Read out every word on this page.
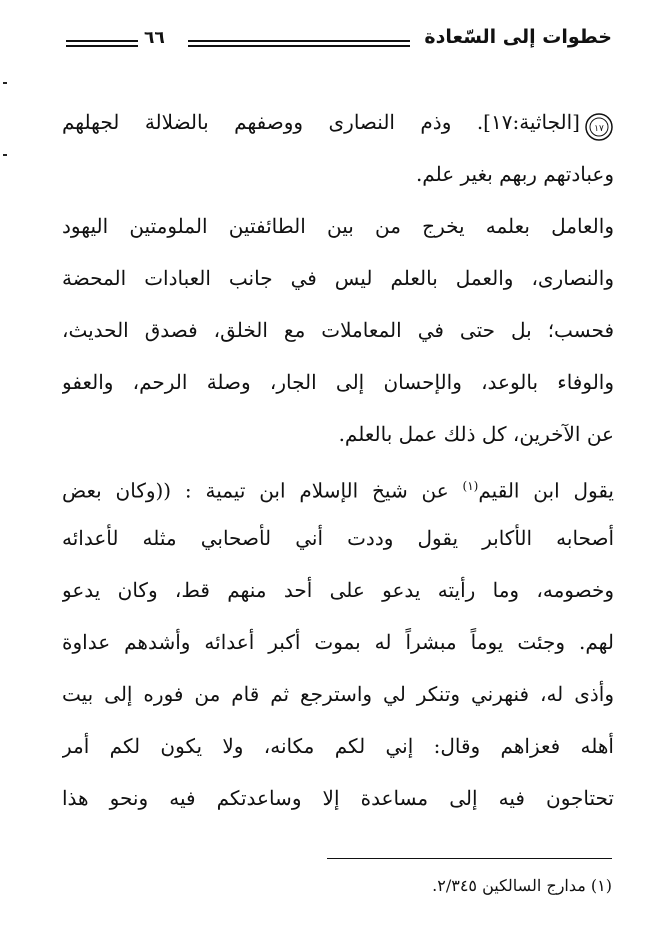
خطوات إلى السّعادة
٦٦
١٧
[الجاثية:١٧]. وذم النصارى ووصفهم بالضلالة لجهلهم
وعبادتهم ربهم بغير علم.
والعامل بعلمه يخرج من بين الطائفتين الملومتين اليهود
والنصارى، والعمل بالعلم ليس في جانب العبادات المحضة
فحسب؛ بل حتى في المعاملات مع الخلق، فصدق الحديث،
والوفاء بالوعد، والإحسان إلى الجار، وصلة الرحم، والعفو
عن الآخرين، كل ذلك عمل بالعلم.
يقول ابن القيم$^{(١)}$ عن شيخ الإسلام ابن تيمية : ((وكان بعض
أصحابه الأكابر يقول وددت أني لأصحابي مثله لأعدائه
وخصومه، وما رأيته يدعو على أحد منهم قط، وكان يدعو
لهم. وجئت يوماً مبشراً له بموت أكبر أعدائه وأشدهم عداوة
وأذى له، فنهرني وتنكر لي واسترجع ثم قام من فوره إلى بيت
أهله فعزاهم وقال: إني لكم مكانه، ولا يكون لكم أمر
تحتاجون فيه إلى مساعدة إلا وساعدتكم فيه ونحو هذا
(١) مدارج السالكين ٢/٣٤٥.
